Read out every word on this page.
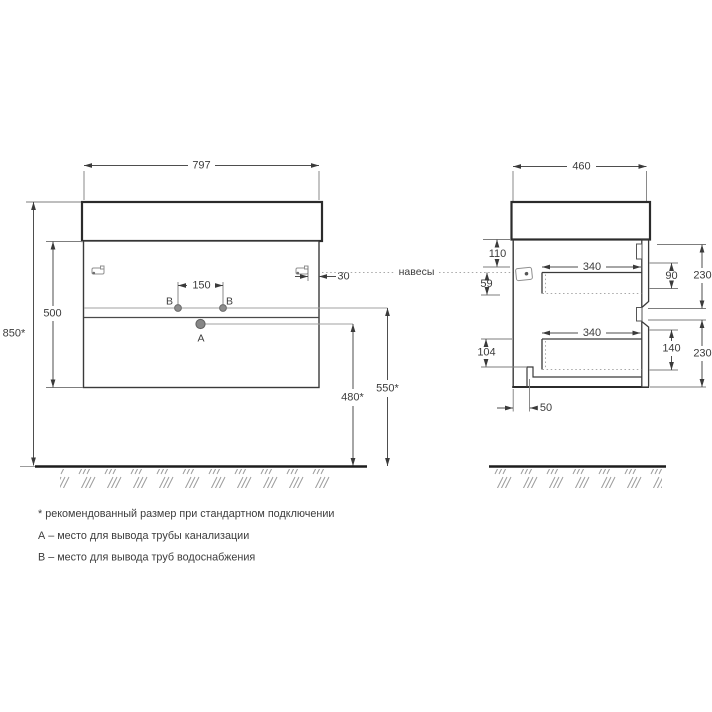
797
30
150
В	В
А
550*
480*
850*
500
навесы
460
340
340
110
59
104
50
90 230
140 230
* рекомендованный размер при стандартном подключении
А – место для вывода трубы канализации
В – место для вывода труб водоснабжения
